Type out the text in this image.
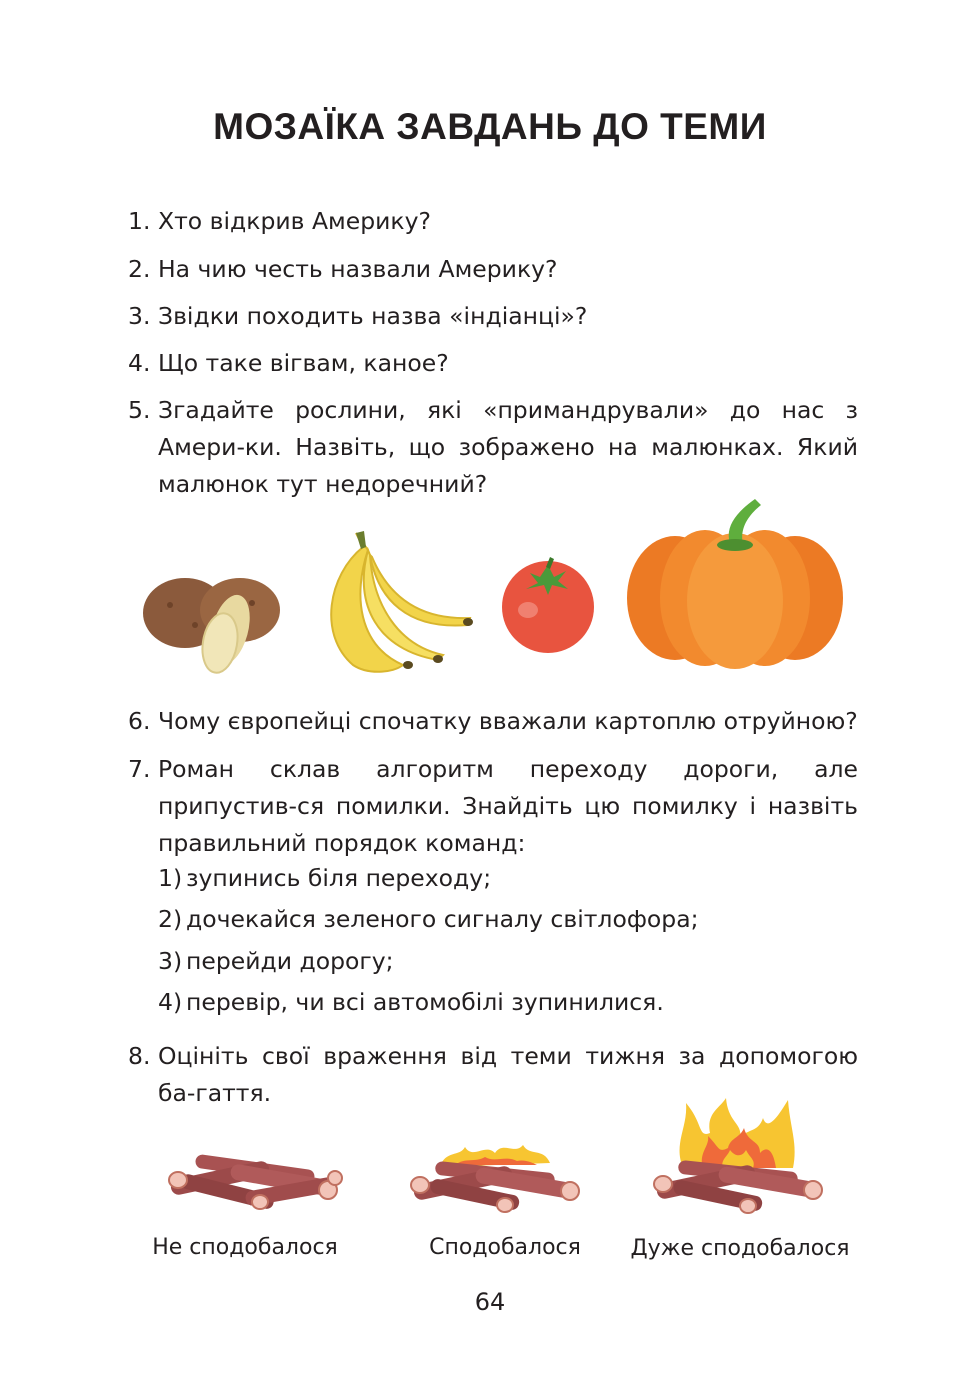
МОЗАЇКА ЗАВДАНЬ ДО ТЕМИ
1. Хто відкрив Америку?
2. На чию честь назвали Америку?
3. Звідки походить назва «індіанці»?
4. Що таке вігвам, каное?
5. Згадайте рослини, які «примандрували» до нас з Амери-ки. Назвіть, що зображено на малюнках. Який малюнок тут недоречний?
6. Чому європейці спочатку вважали картоплю отруйною?
7. Роман склав алгоритм переходу дороги, але припустив-ся помилки. Знайдіть цю помилку і назвіть правильний порядок команд:
1) зупинись біля переходу;
2) дочекайся зеленого сигналу світлофора;
3) перейди дорогу;
4) перевір, чи всі автомобілі зупинилися.
8. Оцініть свої враження від теми тижня за допомогою ба-гаття.
Не сподобалося	Сподобалося	Дуже сподобалося
64
